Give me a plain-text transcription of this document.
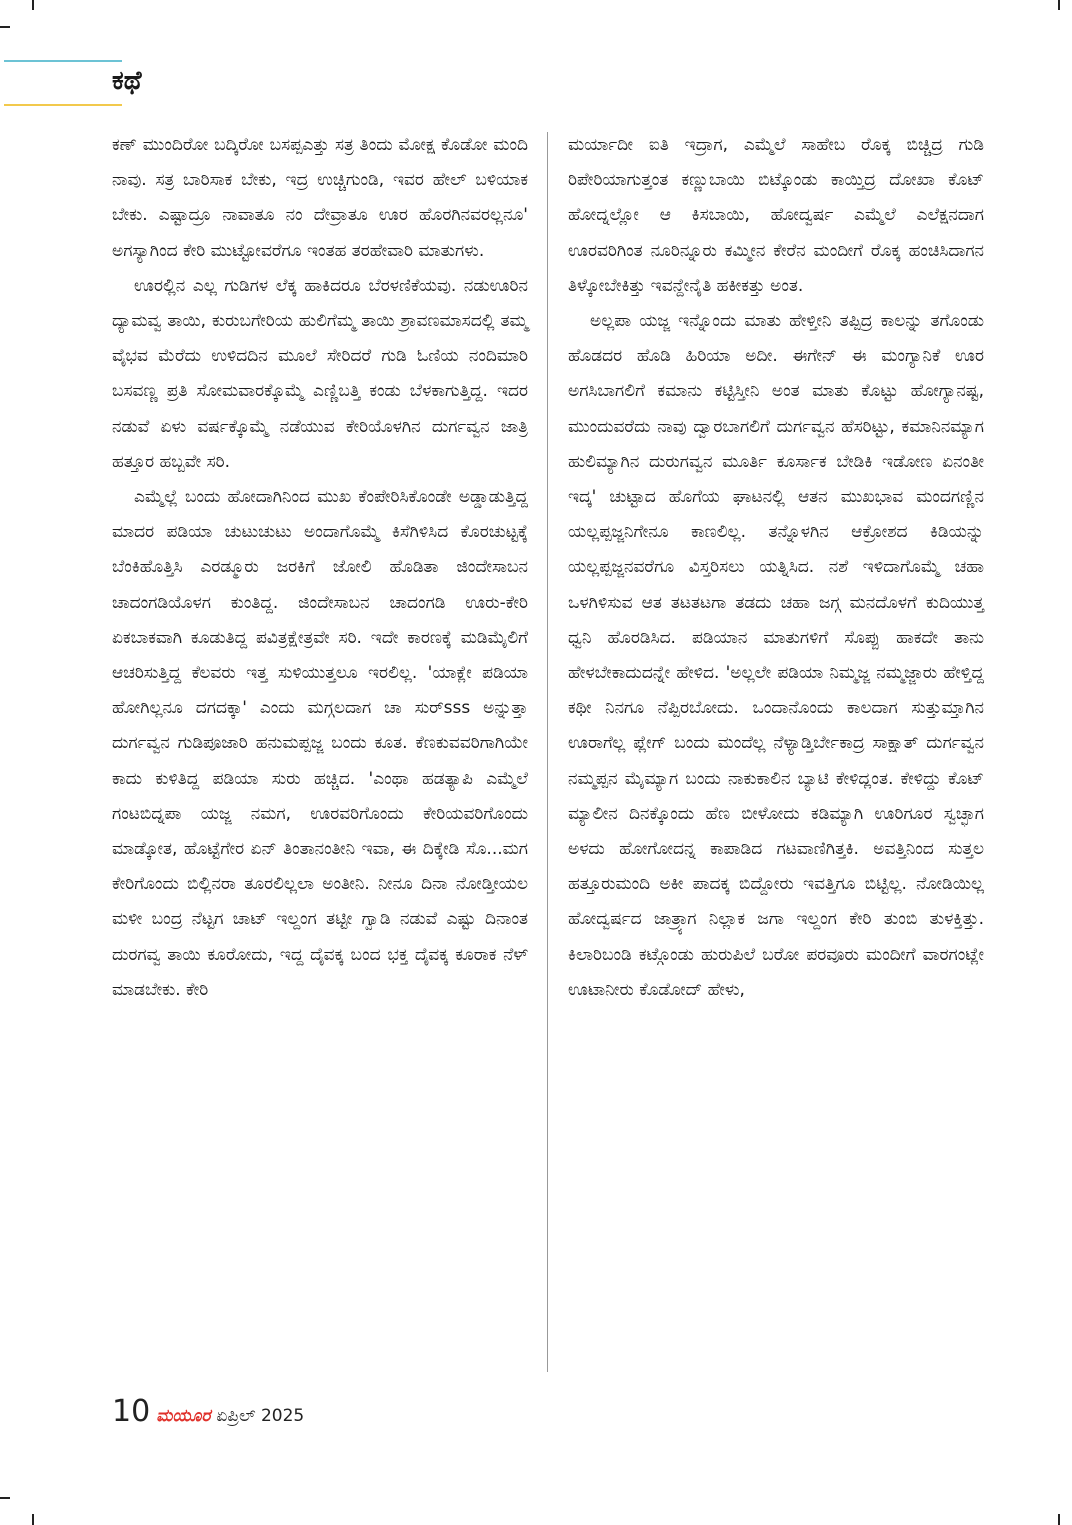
ಕಥೆ

ಕಣ್ ಮುಂದಿರೋ ಬದ್ಕಿರೋ ಬಸಪ್ಪಎತ್ತು ಸತ್ರ ತಿಂದು ಮೋಕ್ಷ ಕೊಡೋ ಮಂದಿ ನಾವು. ಸತ್ರ ಬಾರಿಸಾಕ ಬೇಕು, ಇದ್ರ ಉಚ್ಚಿಗುಂಡಿ, ಇವರ ಹೇಲ್ ಬಳಿಯಾಕ ಬೇಕು. ಎಷ್ಟಾದ್ರೂ ನಾವಾತೂ ನಂ ದೇವ್ರಾತೂ ಊರ ಹೊರಗಿನವರಲ್ಲನೂ' ಅಗಸ್ಯಾಗಿಂದ ಕೇರಿ ಮುಟ್ಟೋವರೆಗೂ ಇಂತಹ ತರಹೇವಾರಿ ಮಾತುಗಳು.

ಊರಲ್ಲಿನ ಎಲ್ಲ ಗುಡಿಗಳ ಲೆಕ್ಕ ಹಾಕಿದರೂ ಬೆರಳಣಿಕೆಯವು. ನಡುಊರಿನ ದ್ಯಾಮವ್ವ ತಾಯಿ, ಕುರುಬಗೇರಿಯ ಹುಲಿಗೆಮ್ಮ ತಾಯಿ ಶ್ರಾವಣಮಾಸದಲ್ಲಿ ತಮ್ಮ ವೈಭವ ಮೆರೆದು ಉಳಿದದಿನ ಮೂಲೆ ಸೇರಿದರೆ ಗುಡಿ ಓಣಿಯ ನಂದಿಮಾರಿ ಬಸವಣ್ಣ ಪ್ರತಿ ಸೋಮವಾರಕ್ಕೊಮ್ಮೆ ಎಣ್ಣಿಬತ್ತಿ ಕಂಡು ಬೆಳಕಾಗುತ್ತಿದ್ದ. ಇದರ ನಡುವೆ ಏಳು ವರ್ಷಕ್ಕೊಮ್ಮೆ ನಡೆಯುವ ಕೇರಿಯೊಳಗಿನ ದುರ್ಗವ್ವನ ಜಾತ್ರಿ ಹತ್ತೂರ ಹಬ್ಬವೇ ಸರಿ.

ಎಮ್ಮೆಲ್ಲೆ ಬಂದು ಹೋದಾಗಿನಿಂದ ಮುಖ ಕೆಂಪೇರಿಸಿಕೊಂಡೇ ಅಡ್ಡಾಡುತ್ತಿದ್ದ ಮಾದರ ಪಡಿಯಾ ಚುಟುಚುಟು ಅಂದಾಗೊಮ್ಮೆ ಕಿಸೆಗಿಳಿಸಿದ ಕೊರಚುಟ್ಟಕ್ಕೆ ಬೆಂಕಿಹೊತ್ತಿಸಿ ಎರಡ್ಮೂರು ಜರಕಿಗೆ ಜೋಲಿ ಹೊಡಿತಾ ಜಿಂದೇಸಾಬನ ಚಾದಂಗಡಿಯೊಳಗ ಕುಂತಿದ್ದ. ಜಿಂದೇಸಾಬನ ಚಾದಂಗಡಿ ಊರು-ಕೇರಿ ಏಕಬಾಕವಾಗಿ ಕೂಡುತಿದ್ದ ಪವಿತ್ರಕ್ಷೇತ್ರವೇ ಸರಿ. ಇದೇ ಕಾರಣಕ್ಕೆ ಮಡಿಮೈಲಿಗೆ ಆಚರಿಸುತ್ತಿದ್ದ ಕೆಲವರು ಇತ್ತ ಸುಳಿಯುತ್ತಲೂ ಇರಲಿಲ್ಲ. 'ಯಾಕ್ಲೇ ಪಡಿಯಾ ಹೋಗಿಲ್ಲನೂ ದಗದಕ್ಕಾ' ಎಂದು ಮಗ್ಗಲದಾಗ ಚಾ ಸುರ್sss ಅನ್ನುತ್ತಾ ದುರ್ಗವ್ವನ ಗುಡಿಪೂಜಾರಿ ಹನುಮಪ್ಪಜ್ಜ ಬಂದು ಕೂತ. ಕೆಣಕುವವರಿಗಾಗಿಯೇ ಕಾದು ಕುಳಿತಿದ್ದ ಪಡಿಯಾ ಸುರು ಹಚ್ಚಿದ. 'ಎಂಥಾ ಹಡತ್ಯಾಪಿ ಎಮ್ಮೆಲೆ ಗಂಟಬಿದ್ನಪಾ ಯಜ್ಜ ನಮಗ, ಊರವರಿಗೊಂದು ಕೇರಿಯವರಿಗೊಂದು ಮಾಡ್ಕೋತ, ಹೊಟ್ಟೆಗೇರ ಏನ್ ತಿಂತಾನಂತೀನಿ ಇವಾ, ಈ ದಿಕ್ಕೇಡಿ ಸೊ...ಮಗ ಕೇರಿಗೊಂದು ಬಿಲ್ಲಿನರಾ ತೂರಲಿಲ್ಲಲಾ ಅಂತೀನಿ. ನೀನೂ ದಿನಾ ನೋಡ್ತೀಯಲ ಮಳೀ ಬಂದ್ರ ನೆಟ್ಟಗ ಚಾಟ್ ಇಲ್ದಂಗ ತಟ್ಟೀ ಗ್ವಾಡಿ ನಡುವೆ ಎಷ್ಟು ದಿನಾಂತ ದುರಗವ್ವ ತಾಯಿ ಕೂರೋದು, ಇದ್ದ ದೈವಕ್ಕ ಬಂದ ಭಕ್ತ ದೈವಕ್ಕ ಕೂರಾಕ ನೆಳ್ ಮಾಡಬೇಕು. ಕೇರಿ

ಮರ್ಯಾದೀ ಐತಿ ಇದ್ರಾಗ, ಎಮ್ಮೆಲೆ ಸಾಹೇಬ ರೊಕ್ಕ ಬಿಚ್ಚಿದ್ರ ಗುಡಿ ರಿಪೇರಿಯಾಗುತ್ತಂತ ಕಣ್ಣುಬಾಯಿ ಬಿಟ್ಕೊಂಡು ಕಾಯ್ತಿದ್ರ ದೋಖಾ ಕೊಟ್ ಹೋದ್ನಲ್ಲೋ ಆ ಕಿಸಬಾಯಿ, ಹೋದ್ವರ್ಷ ಎಮ್ಮೆಲೆ ಎಲೆಕ್ಷನದಾಗ ಊರವರಿಗಿಂತ ನೂರಿನ್ನೂರು ಕಮ್ಮೀನ ಕೇರೆನ ಮಂದೀಗೆ ರೊಕ್ಕ ಹಂಚಿಸಿದಾಗನ ತಿಳ್ಕೋಬೇಕಿತ್ತು ಇವನ್ದೇನೈತಿ ಹಕೀಕತ್ತು ಅಂತ.

ಅಲ್ಲಪಾ ಯಜ್ಜ ಇನ್ನೊಂದು ಮಾತು ಹೇಳ್ತೀನಿ ತಪ್ಪಿದ್ರ ಕಾಲನ್ನು ತಗೊಂಡು ಹೊಡದರ ಹೊಡಿ ಹಿರಿಯಾ ಅದೀ. ಈಗೇನ್ ಈ ಮಂಗ್ಯಾನಿಕೆ ಊರ ಅಗಸಿಬಾಗಲಿಗೆ ಕಮಾನು ಕಟ್ಟಿಸ್ತೀನಿ ಅಂತ ಮಾತು ಕೊಟ್ಟು ಹೋಗ್ಯಾನಷ್ಟ, ಮುಂದುವರೆದು ನಾವು ದ್ವಾರಬಾಗಲಿಗೆ ದುರ್ಗವ್ವನ ಹೆಸರಿಟ್ಟು, ಕಮಾನಿನಮ್ಯಾಗ ಹುಲಿಮ್ಯಾಗಿನ ದುರುಗವ್ವನ ಮೂರ್ತಿ ಕೂರ್ಸಾಕ ಬೇಡಿಕಿ ಇಡೋಣ ಏನಂತೀ ಇದ್ಕ' ಚುಟ್ಟಾದ ಹೊಗೆಯ ಘಾಟನಲ್ಲಿ ಆತನ ಮುಖಭಾವ ಮಂದಗಣ್ಣಿನ ಯಲ್ಲಪ್ಪಜ್ಜನಿಗೇನೂ ಕಾಣಲಿಲ್ಲ. ತನ್ನೊಳಗಿನ ಆಕ್ರೋಶದ ಕಿಡಿಯನ್ನು ಯಲ್ಲಪ್ಪಜ್ಜನವರೆಗೂ ವಿಸ್ತರಿಸಲು ಯತ್ನಿಸಿದ. ನಶೆ ಇಳಿದಾಗೊಮ್ಮೆ ಚಹಾ ಒಳಗಿಳಿಸುವ ಆತ ತಟತಟಗಾ ತಡದು ಚಹಾ ಜಗ್ಗ ಮನದೊಳಗೆ ಕುದಿಯುತ್ತ ಧ್ವನಿ ಹೊರಡಿಸಿದ. ಪಡಿಯಾನ ಮಾತುಗಳಿಗೆ ಸೊಪ್ಪು ಹಾಕದೇ ತಾನು ಹೇಳಬೇಕಾದುದನ್ನೇ ಹೇಳಿದ. 'ಅಲ್ಲಲೇ ಪಡಿಯಾ ನಿಮ್ಮಜ್ಜ ನಮ್ಮಜ್ಜಾರು ಹೇಳ್ತಿದ್ದ ಕಥೀ ನಿನಗೂ ನೆಪ್ಪಿರಬೋದು. ಒಂದಾನೊಂದು ಕಾಲದಾಗ ಸುತ್ತುಮ್ತಾಗಿನ ಊರಾಗೆಲ್ಲ ಪ್ಲೇಗ್ ಬಂದು ಮಂದೆಲ್ಲ ನೆಳ್ಯಾಡ್ತಿರ್ಬೇಕಾದ್ರ ಸಾಕ್ಷಾತ್ ದುರ್ಗವ್ವನ ನಮ್ಮಪ್ಪನ ಮೈಮ್ಯಾಗ ಬಂದು ನಾಕುಕಾಲಿನ ಬ್ಯಾಟಿ ಕೇಳಿದ್ಲಂತ. ಕೇಳಿದ್ದು ಕೊಟ್ ಮ್ಯಾಲೀನ ದಿನಕ್ಕೊಂದು ಹೆಣ ಬೀಳೋದು ಕಡಿಮ್ಯಾಗಿ ಊರಿಗೂರ ಸ್ವಚ್ಛಾಗ ಅಳದು ಹೋಗೋದನ್ನ ಕಾಪಾಡಿದ ಗಟವಾಣಿಗಿತ್ತಕಿ. ಅವತ್ತಿನಿಂದ ಸುತ್ತಲ ಹತ್ತೂರುಮಂದಿ ಅಕೀ ಪಾದಕ್ಕ ಬಿದ್ದೋರು ಇವತ್ತಿಗೂ ಬಿಟ್ಟಿಲ್ಲ. ನೋಡಿಯಿಲ್ಲ ಹೋದ್ವರ್ಷದ ಜಾತ್ರ್ಯಾಗ ನಿಲ್ಲಾಕ ಜಗಾ ಇಲ್ದಂಗ ಕೇರಿ ತುಂಬಿ ತುಳಕ್ತಿತ್ತು. ಕಿಲಾರಿಬಂಡಿ ಕಟ್ಗೊಂಡು ಹುರುಪಿಲೆ ಬರೋ ಪರವೂರು ಮಂದೀಗೆ ವಾರಗಂಟ್ಲೇ ಊಟಾನೀರು ಕೊಡೋದ್ ಹೇಳು,

10 ಮಯೂರ ಏಪ್ರಿಲ್ 2025
